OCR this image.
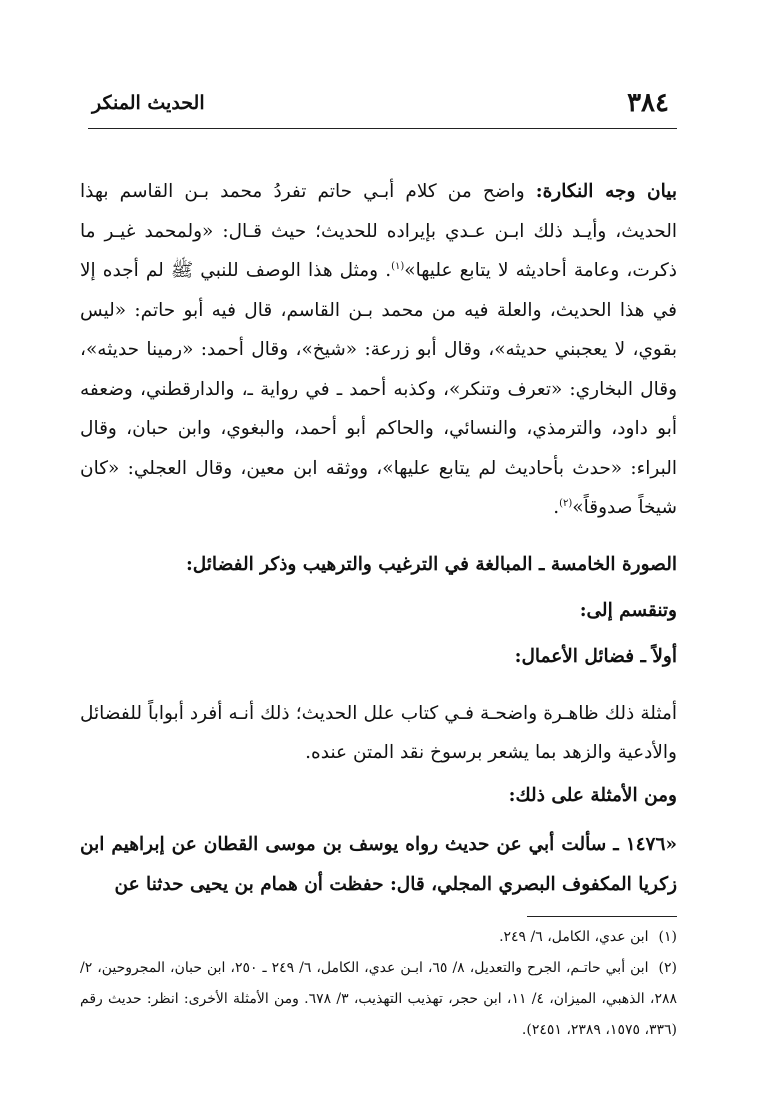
٣٨٤
الحديث المنكر

بيان وجه النكارة: واضح من كلام أبـي حاتم تفردُ محمد بـن القاسم بهذا الحديث، وأيـد ذلك ابـن عـدي بإيراده للحديث؛ حيث قـال: «ولمحمد غيـر ما ذكرت، وعامة أحاديثه لا يتابع عليها»$^{(١)}$. ومثل هذا الوصف للنبي ﷺ لم أجده إلا في هذا الحديث، والعلة فيه من محمد بـن القاسم، قال فيه أبو حاتم: «ليس بقوي، لا يعجبني حديثه»، وقال أبو زرعة: «شيخ»، وقال أحمد: «رمينا حديثه»، وقال البخاري: «تعرف وتنكر»، وكذبه أحمد ـ في رواية ـ، والدارقطني، وضعفه أبو داود، والترمذي، والنسائي، والحاكم أبو أحمد، والبغوي، وابن حبان، وقال البراء: «حدث بأحاديث لم يتابع عليها»، ووثقه ابن معين، وقال العجلي: «كان شيخاً صدوقاً»$^{(٢)}$.

الصورة الخامسة ـ المبالغة في الترغيب والترهيب وذكر الفضائل:

وتنقسم إلى:

أولاً ـ فضائل الأعمال:

أمثلة ذلك ظاهـرة واضحـة فـي كتاب علل الحديث؛ ذلك أنـه أفرد أبواباً للفضائل والأدعية والزهد بما يشعر برسوخ نقد المتن عنده.

ومن الأمثلة على ذلك:

«١٤٧٦ ـ سألت أبي عن حديث رواه يوسف بن موسى القطان عن إبراهيم ابن زكريا المكفوف البصري المجلي، قال: حفظت أن همام بن يحيى حدثنا عن

(١)ابن عدي، الكامل، ٦/ ٢٤٩.

(٢)ابن أبي حاتـم، الجرح والتعديل، ٨/ ٦٥، ابـن عدي، الكامل، ٦/ ٢٤٩ ـ ٢٥٠، ابن حبان، المجروحين، ٢/ ٢٨٨، الذهبي، الميزان، ٤/ ١١، ابن حجر، تهذيب التهذيب، ٣/ ٦٧٨. ومن الأمثلة الأخرى: انظر: حديث رقم (٣٣٦، ١٥٧٥، ٢٣٨٩، ٢٤٥١).
